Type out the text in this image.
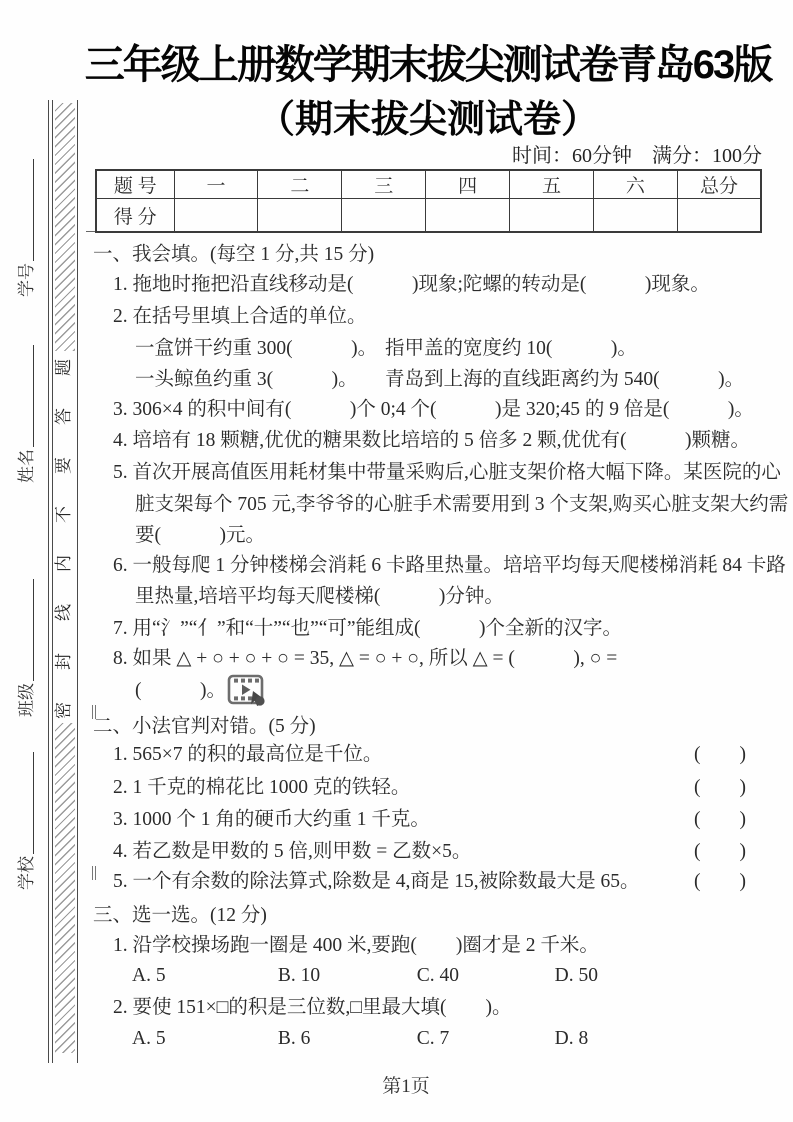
密封线内不要答题
学号
姓名
班级
学校
三年级上册数学期末拔尖测试卷青岛63版
（期末拔尖测试卷）
时间：60分钟　满分：100分
题 号	一	二	三	四	五	六	总分
得 分							
一、我会填。(每空 1 分,共 15 分)
1. 拖地时拖把沿直线移动是(　　　)现象;陀螺的转动是(　　　)现象。
2. 在括号里填上合适的单位。
一盒饼干约重 300(　　　)。 指甲盖的宽度约 10(　　　)。
一头鲸鱼约重 3(　　　)。 青岛到上海的直线距离约为 540(　　　)。
3. 306×4 的积中间有(　　　)个 0;4 个(　　　)是 320;45 的 9 倍是(　　　)。
4. 培培有 18 颗糖,优优的糖果数比培培的 5 倍多 2 颗,优优有(　　　)颗糖。
5. 首次开展高值医用耗材集中带量采购后,心脏支架价格大幅下降。某医院的心
脏支架每个 705 元,李爷爷的心脏手术需要用到 3 个支架,购买心脏支架大约需
要(　　　)元。
6. 一般每爬 1 分钟楼梯会消耗 6 卡路里热量。培培平均每天爬楼梯消耗 84 卡路
里热量,培培平均每天爬楼梯(　　　)分钟。
7. 用“氵”“亻”和“十”“也”“可”能组成(　　　)个全新的汉字。
8. 如果 △ + ○ + ○ + ○ = 35, △ = ○ + ○, 所以 △ = (　　　), ○ =
(　　　)。
二、小法官判对错。(5 分)
1. 565×7 的积的最高位是千位。	(　　)
2. 1 千克的棉花比 1000 克的铁轻。	(　　)
3. 1000 个 1 角的硬币大约重 1 千克。	(　　)
4. 若乙数是甲数的 5 倍,则甲数 = 乙数×5。	(　　)
5. 一个有余数的除法算式,除数是 4,商是 15,被除数最大是 65。	(　　)
三、选一选。(12 分)
1. 沿学校操场跑一圈是 400 米,要跑(　　)圈才是 2 千米。
A. 5	B. 10	C. 40	D. 50
2. 要使 151×□的积是三位数,□里最大填(　　)。
A. 5	B. 6	C. 7	D. 8
第1页
